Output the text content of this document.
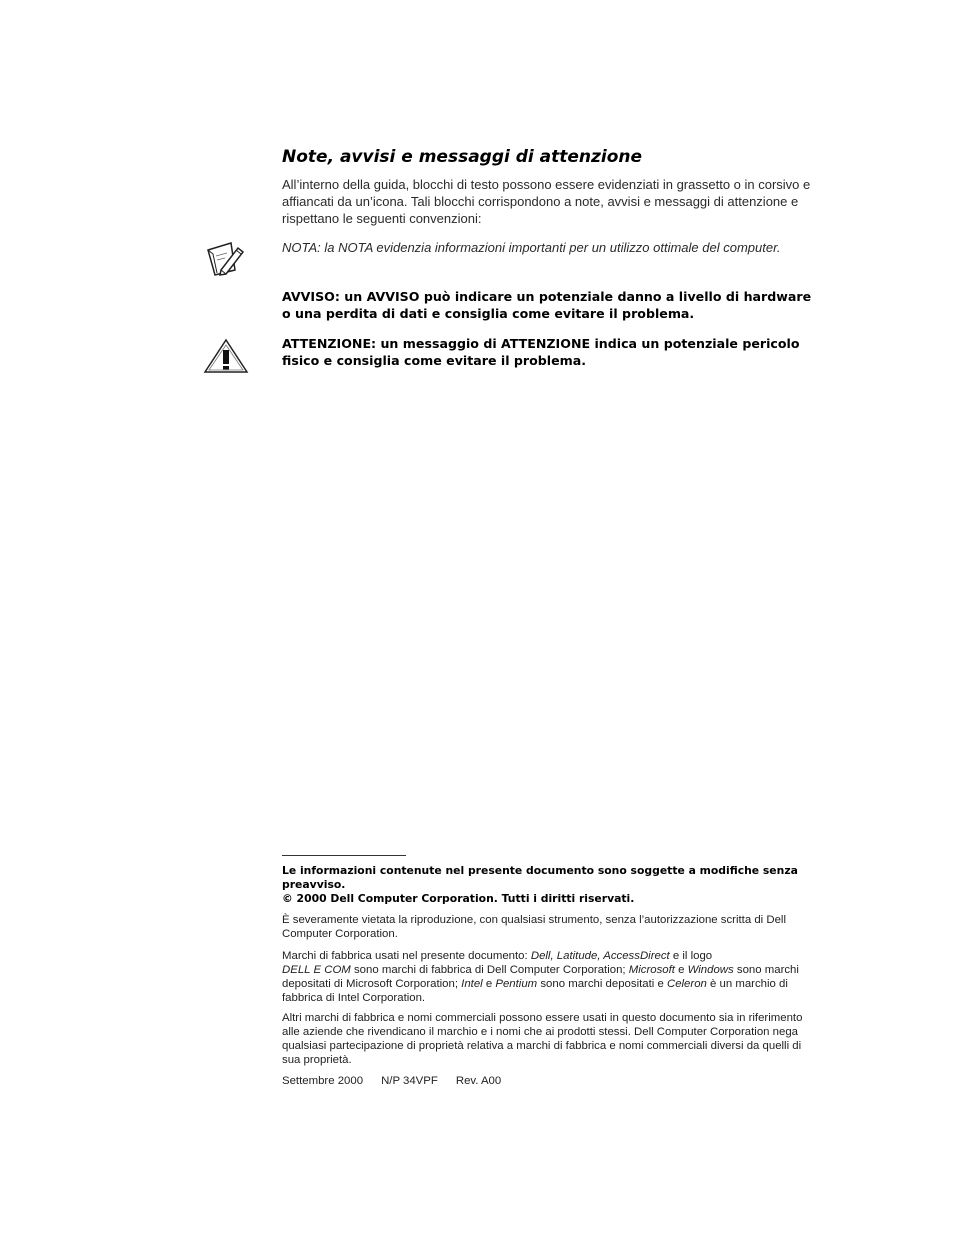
Note, avvisi e messaggi di attenzione
All’interno della guida, blocchi di testo possono essere evidenziati in grassetto o in corsivo e affiancati da un’icona. Tali blocchi corrispondono a note, avvisi e messaggi di attenzione e rispettano le seguenti convenzioni:
NOTA: la NOTA evidenzia informazioni importanti per un utilizzo ottimale del computer.
AVVISO: un AVVISO può indicare un potenziale danno a livello di hardware o una perdita di dati e consiglia come evitare il problema.
ATTENZIONE: un messaggio di ATTENZIONE indica un potenziale pericolo fisico e consiglia come evitare il problema.

Le informazioni contenute nel presente documento sono soggette a modifiche senza preavviso.

© 2000 Dell Computer Corporation. Tutti i diritti riservati.

È severamente vietata la riproduzione, con qualsiasi strumento, senza l’autorizzazione scritta di Dell Computer Corporation.
Marchi di fabbrica usati nel presente documento: Dell, Latitude, AccessDirect e il logo
DELL E COM sono marchi di fabbrica di Dell Computer Corporation; Microsoft e Windows sono marchi depositati di Microsoft Corporation; Intel e Pentium sono marchi depositati e Celeron è un marchio di fabbrica di Intel Corporation.
Altri marchi di fabbrica e nomi commerciali possono essere usati in questo documento sia in riferimento alle aziende che rivendicano il marchio e i nomi che ai prodotti stessi. Dell Computer Corporation nega qualsiasi partecipazione di proprietà relativa a marchi di fabbrica e nomi commerciali diversi da quelli di sua proprietà.
Settembre 2000 N/P 34VPF Rev. A00
